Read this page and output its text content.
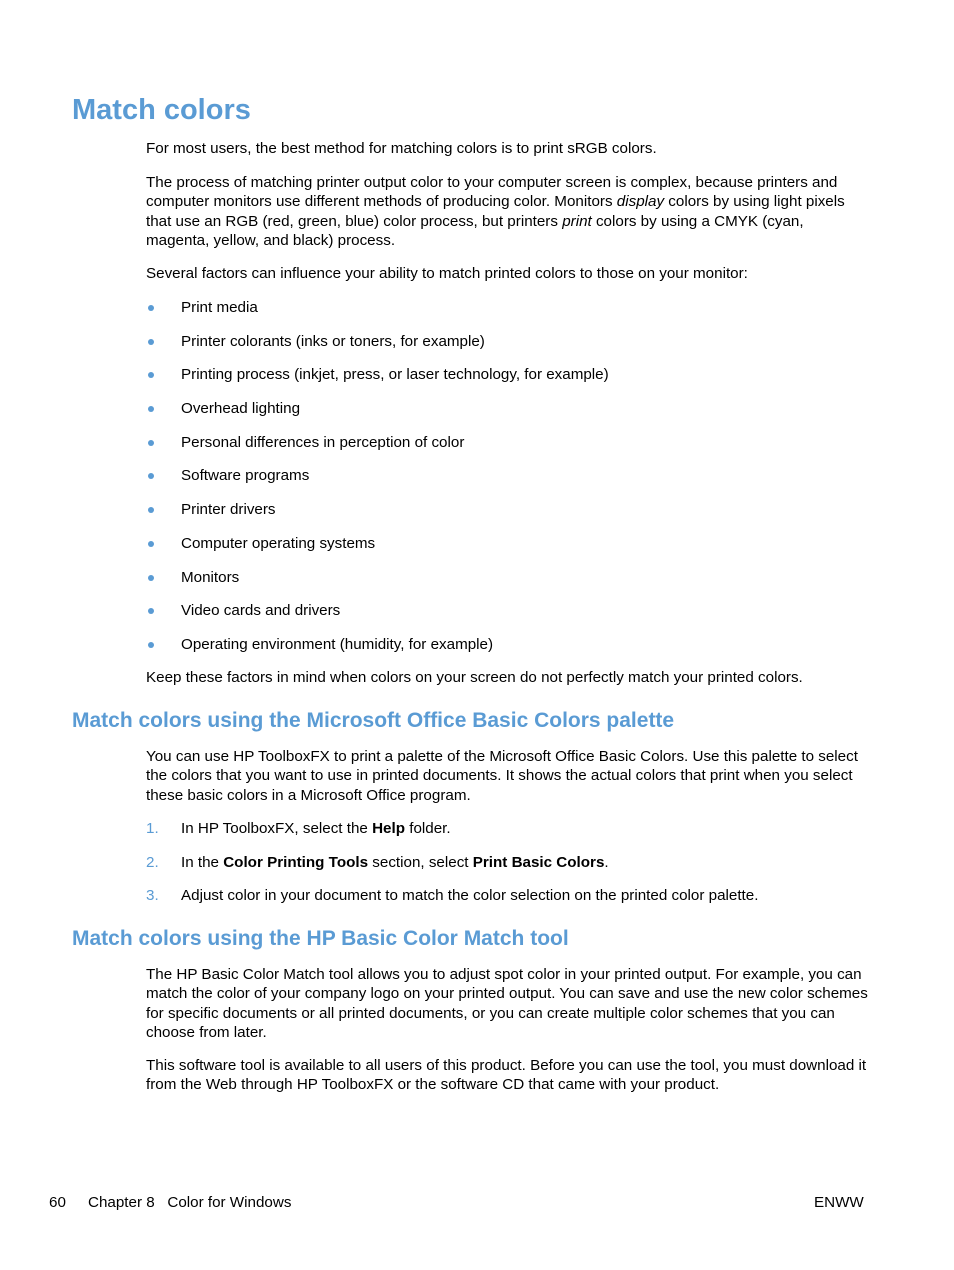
Match colors

For most users, the best method for matching colors is to print sRGB colors.

The process of matching printer output color to your computer screen is complex, because printers and computer monitors use different methods of producing color. Monitors display colors by using light pixels that use an RGB (red, green, blue) color process, but printers print colors by using a CMYK (cyan, magenta, yellow, and black) process.

Several factors can influence your ability to match printed colors to those on your monitor:

Print media
Printer colorants (inks or toners, for example)
Printing process (inkjet, press, or laser technology, for example)
Overhead lighting
Personal differences in perception of color
Software programs
Printer drivers
Computer operating systems
Monitors
Video cards and drivers
Operating environment (humidity, for example)

Keep these factors in mind when colors on your screen do not perfectly match your printed colors.

Match colors using the Microsoft Office Basic Colors palette

You can use HP ToolboxFX to print a palette of the Microsoft Office Basic Colors. Use this palette to select the colors that you want to use in printed documents. It shows the actual colors that print when you select these basic colors in a Microsoft Office program.

1. In HP ToolboxFX, select the Help folder.
2. In the Color Printing Tools section, select Print Basic Colors.
3. Adjust color in your document to match the color selection on the printed color palette.
Match colors using the HP Basic Color Match tool

The HP Basic Color Match tool allows you to adjust spot color in your printed output. For example, you can match the color of your company logo on your printed output. You can save and use the new color schemes for specific documents or all printed documents, or you can create multiple color schemes that you can choose from later.

This software tool is available to all users of this product. Before you can use the tool, you must download it from the Web through HP ToolboxFX or the software CD that came with your product.

60 Chapter 8   Color for Windows	ENWW
